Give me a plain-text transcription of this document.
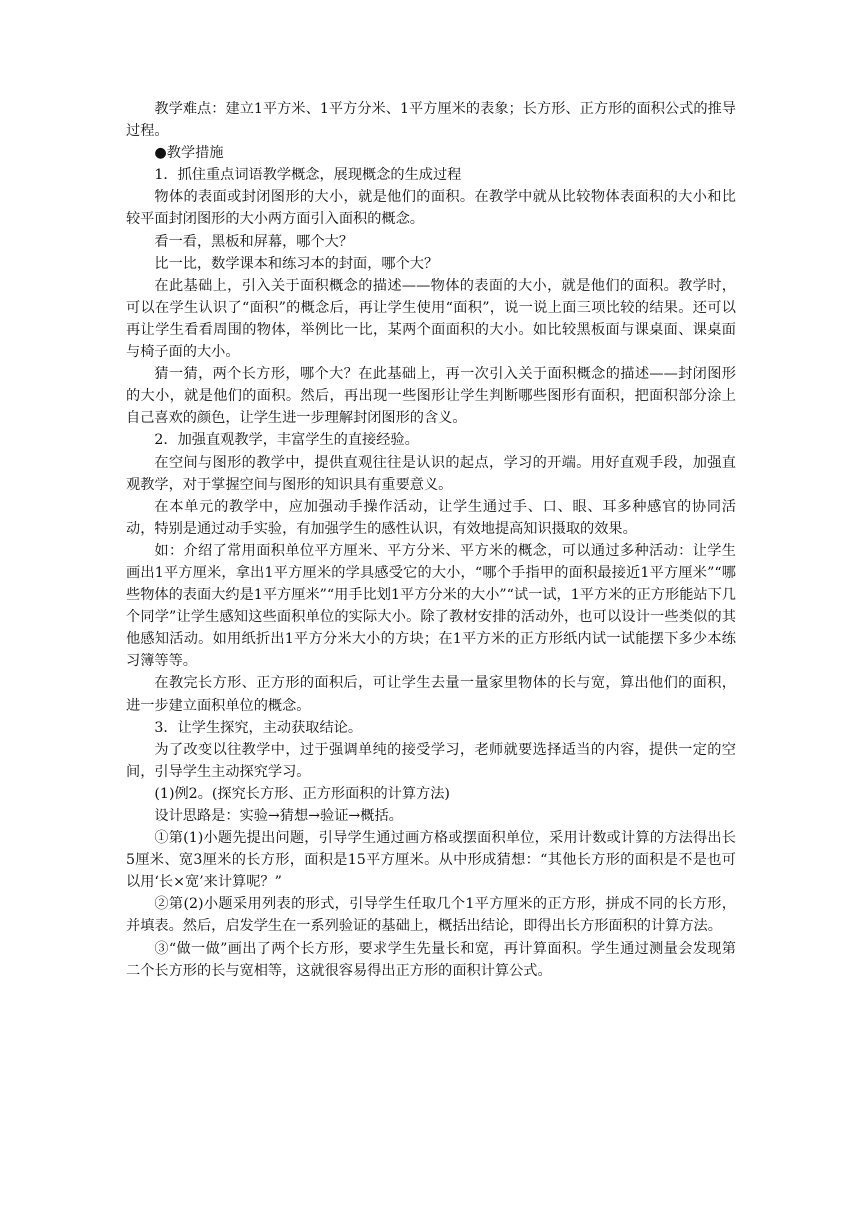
教学难点：建立1平方米、1平方分米、1平方厘米的表象；长方形、正方形的面积公式的推导过程。

●教学措施

1．抓住重点词语教学概念，展现概念的生成过程

物体的表面或封闭图形的大小，就是他们的面积。在教学中就从比较物体表面积的大小和比较平面封闭图形的大小两方面引入面积的概念。

看一看，黑板和屏幕，哪个大？

比一比，数学课本和练习本的封面，哪个大？

在此基础上，引入关于面积概念的描述——物体的表面的大小，就是他们的面积。教学时，可以在学生认识了“面积”的概念后，再让学生使用“面积”，说一说上面三项比较的结果。还可以再让学生看看周围的物体，举例比一比，某两个面面积的大小。如比较黑板面与课桌面、课桌面与椅子面的大小。

猜一猜，两个长方形，哪个大？在此基础上，再一次引入关于面积概念的描述——封闭图形的大小，就是他们的面积。然后，再出现一些图形让学生判断哪些图形有面积，把面积部分涂上自己喜欢的颜色，让学生进一步理解封闭图形的含义。

2．加强直观教学，丰富学生的直接经验。

在空间与图形的教学中，提供直观往往是认识的起点，学习的开端。用好直观手段，加强直观教学，对于掌握空间与图形的知识具有重要意义。

在本单元的教学中，应加强动手操作活动，让学生通过手、口、眼、耳多种感官的协同活动，特别是通过动手实验，有加强学生的感性认识，有效地提高知识摄取的效果。

如：介绍了常用面积单位平方厘米、平方分米、平方米的概念，可以通过多种活动：让学生画出1平方厘米，拿出1平方厘米的学具感受它的大小，“哪个手指甲的面积最接近1平方厘米”“哪些物体的表面大约是1平方厘米”“用手比划1平方分米的大小”“试一试，1平方米的正方形能站下几个同学”让学生感知这些面积单位的实际大小。除了教材安排的活动外，也可以设计一些类似的其他感知活动。如用纸折出1平方分米大小的方块；在1平方米的正方形纸内试一试能摆下多少本练习簿等等。

在教完长方形、正方形的面积后，可让学生去量一量家里物体的长与宽，算出他们的面积，进一步建立面积单位的概念。

3．让学生探究，主动获取结论。

为了改变以往教学中，过于强调单纯的接受学习，老师就要选择适当的内容，提供一定的空间，引导学生主动探究学习。

(1)例2。(探究长方形、正方形面积的计算方法)

设计思路是：实验→猜想→验证→概括。

①第(1)小题先提出问题，引导学生通过画方格或摆面积单位，采用计数或计算的方法得出长5厘米、宽3厘米的长方形，面积是15平方厘米。从中形成猜想：“其他长方形的面积是不是也可以用‘长×宽’来计算呢？”

②第(2)小题采用列表的形式，引导学生任取几个1平方厘米的正方形，拼成不同的长方形，并填表。然后，启发学生在一系列验证的基础上，概括出结论，即得出长方形面积的计算方法。

③“做一做”画出了两个长方形，要求学生先量长和宽，再计算面积。学生通过测量会发现第二个长方形的长与宽相等，这就很容易得出正方形的面积计算公式。
